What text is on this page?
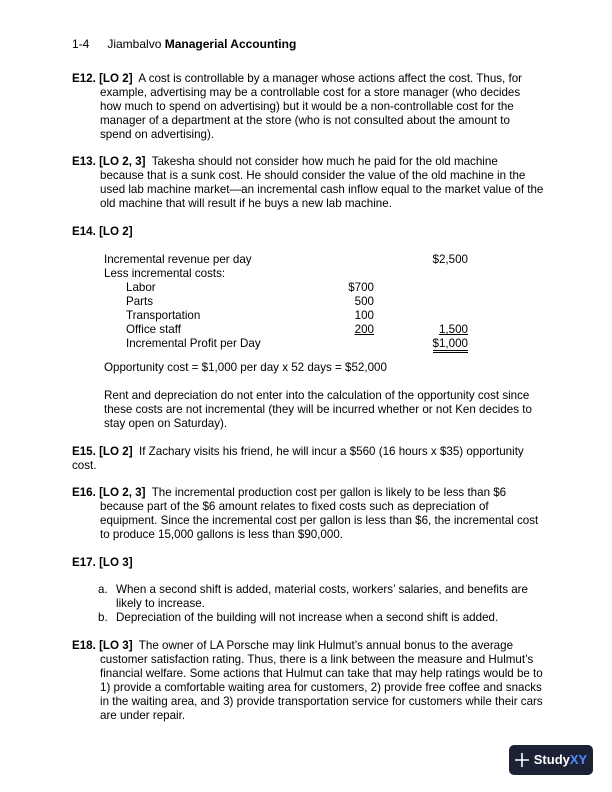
1-4 Jiambalvo Managerial Accounting

E12. [LO 2] A cost is controllable by a manager whose actions affect the cost. Thus, for example, advertising may be a controllable cost for a store manager (who decides how much to spend on advertising) but it would be a non-controllable cost for the manager of a department at the store (who is not consulted about the amount to spend on advertising).

E13. [LO 2, 3] Takesha should not consider how much he paid for the old machine because that is a sunk cost. He should consider the value of the old machine in the used lab machine market—an incremental cash inflow equal to the market value of the old machine that will result if he buys a new lab machine.

E14. [LO 2]

Incremental revenue per day	$2,500
Less incremental costs:
Labor	$700
Parts	500
Transportation	100
Office staff	200	1,500
Incremental Profit per Day	$1,000
Opportunity cost = $1,000 per day x 52 days = $52,000
Rent and depreciation do not enter into the calculation of the opportunity cost since these costs are not incremental (they will be incurred whether or not Ken decides to stay open on Saturday).

E15. [LO 2] If Zachary visits his friend, he will incur a $560 (16 hours x $35) opportunity cost.

E16. [LO 2, 3] The incremental production cost per gallon is likely to be less than $6 because part of the $6 amount relates to fixed costs such as depreciation of equipment. Since the incremental cost per gallon is less than $6, the incremental cost to produce 15,000 gallons is less than $90,000.

E17. [LO 3]

a. When a second shift is added, material costs, workers’ salaries, and benefits are likely to increase.
b. Depreciation of the building will not increase when a second shift is added.

E18. [LO 3] The owner of LA Porsche may link Hulmut’s annual bonus to the average customer satisfaction rating. Thus, there is a link between the measure and Hulmut’s financial welfare. Some actions that Hulmut can take that may help ratings would be to 1) provide a comfortable waiting area for customers, 2) provide free coffee and snacks in the waiting area, and 3) provide transportation service for customers while their cars are under repair.

Study XY
